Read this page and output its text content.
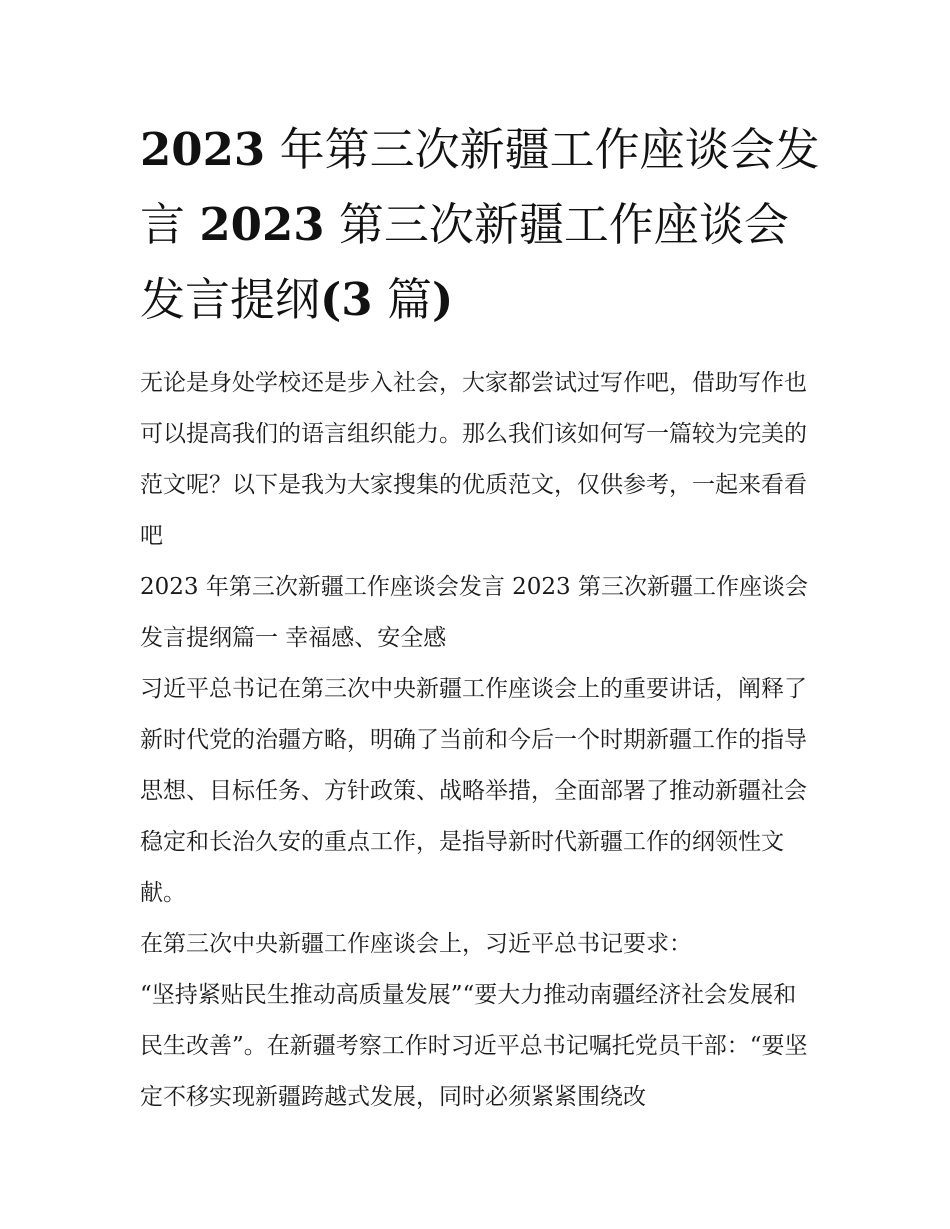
2023 年第三次新疆工作座谈会发言 2023 第三次新疆工作座谈会发言提纲(3 篇)

无论是身处学校还是步入社会，大家都尝试过写作吧，借助写作也可以提高我们的语言组织能力。那么我们该如何写一篇较为完美的范文呢？以下是我为大家搜集的优质范文，仅供参考，一起来看看吧

2023 年第三次新疆工作座谈会发言 2023 第三次新疆工作座谈会发言提纲篇一 幸福感、安全感

习近平总书记在第三次中央新疆工作座谈会上的重要讲话，阐释了新时代党的治疆方略，明确了当前和今后一个时期新疆工作的指导思想、目标任务、方针政策、战略举措，全面部署了推动新疆社会稳定和长治久安的重点工作，是指导新时代新疆工作的纲领性文献。

在第三次中央新疆工作座谈会上，习近平总书记要求：

“坚持紧贴民生推动高质量发展”“要大力推动南疆经济社会发展和民生改善”。在新疆考察工作时习近平总书记嘱托党员干部：“要坚定不移实现新疆跨越式发展，同时必须紧紧围绕改
